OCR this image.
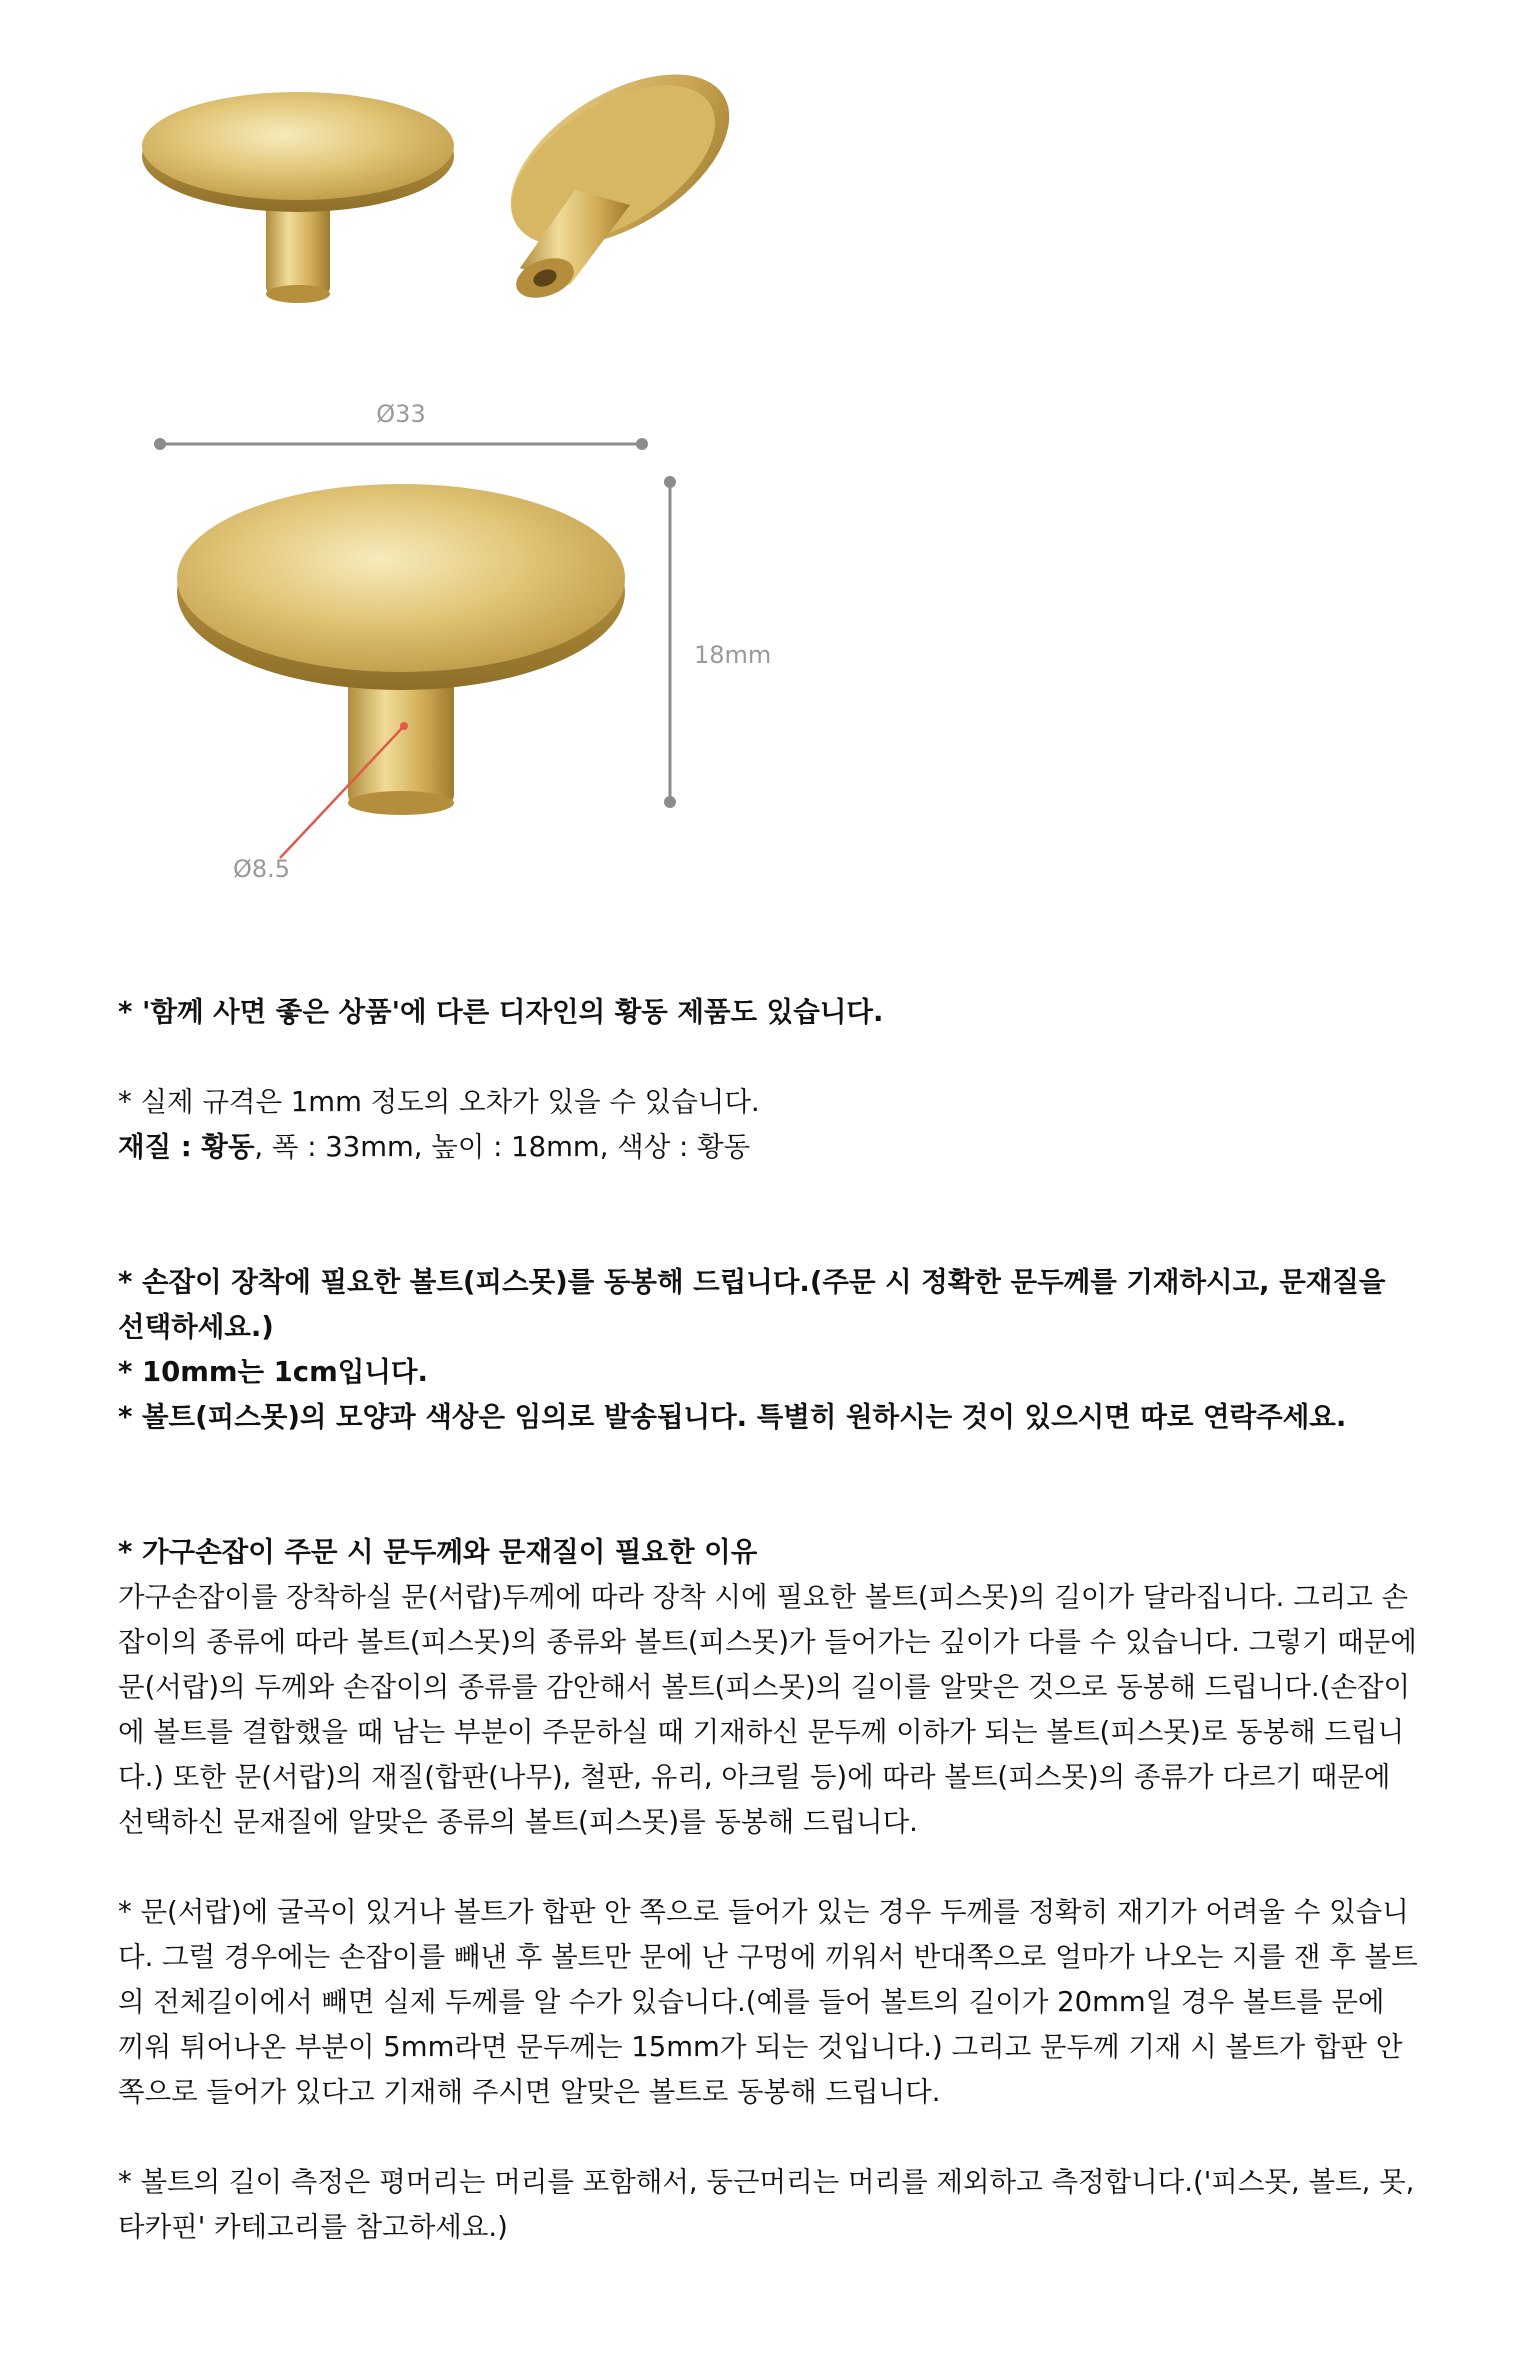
Ø33
18mm
Ø8.5

* '함께 사면 좋은 상품'에 다른 디자인의 황동 제품도 있습니다.

* 실제 규격은 1mm 정도의 오차가 있을 수 있습니다.

재질 : 황동, 폭 : 33mm, 높이 : 18mm, 색상 : 황동

* 손잡이 장착에 필요한 볼트(피스못)를 동봉해 드립니다.(주문 시 정확한 문두께를 기재하시고, 문재질을 선택하세요.)

* 10mm는 1cm입니다.

* 볼트(피스못)의 모양과 색상은 임의로 발송됩니다. 특별히 원하시는 것이 있으시면 따로 연락주세요.

* 가구손잡이 주문 시 문두께와 문재질이 필요한 이유

가구손잡이를 장착하실 문(서랍)두께에 따라 장착 시에 필요한 볼트(피스못)의 길이가 달라집니다. 그리고 손잡이의 종류에 따라 볼트(피스못)의 종류와 볼트(피스못)가 들어가는 깊이가 다를 수 있습니다. 그렇기 때문에 문(서랍)의 두께와 손잡이의 종류를 감안해서 볼트(피스못)의 길이를 알맞은 것으로 동봉해 드립니다.(손잡이에 볼트를 결합했을 때 남는 부분이 주문하실 때 기재하신 문두께 이하가 되는 볼트(피스못)로 동봉해 드립니다.) 또한 문(서랍)의 재질(합판(나무), 철판, 유리, 아크릴 등)에 따라 볼트(피스못)의 종류가 다르기 때문에 선택하신 문재질에 알맞은 종류의 볼트(피스못)를 동봉해 드립니다.

* 문(서랍)에 굴곡이 있거나 볼트가 합판 안 쪽으로 들어가 있는 경우 두께를 정확히 재기가 어려울 수 있습니다. 그럴 경우에는 손잡이를 빼낸 후 볼트만 문에 난 구멍에 끼워서 반대쪽으로 얼마가 나오는 지를 잰 후 볼트의 전체길이에서 빼면 실제 두께를 알 수가 있습니다.(예를 들어 볼트의 길이가 20mm일 경우 볼트를 문에 끼워 튀어나온 부분이 5mm라면 문두께는 15mm가 되는 것입니다.) 그리고 문두께 기재 시 볼트가 합판 안 쪽으로 들어가 있다고 기재해 주시면 알맞은 볼트로 동봉해 드립니다.

* 볼트의 길이 측정은 평머리는 머리를 포함해서, 둥근머리는 머리를 제외하고 측정합니다.('피스못, 볼트, 못, 타카핀' 카테고리를 참고하세요.)
